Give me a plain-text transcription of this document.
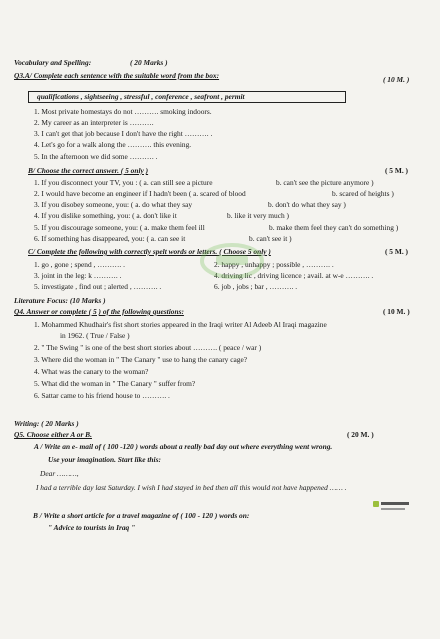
Vocabulary and Spelling:	( 20 Marks )
Q3.A/ Complete each sentence with the suitable word from the box:	( 10 M. )
qualifications , sightseeing , stressful , conference , seafront , permit
1. Most private homestays do not ………. smoking indoors.
2. My career as an interpreter is ……….
3. I can't get that job because I don't have the right ………. .
4. Let's go for a walk along the ………. this evening.
5. In the afternoon we did some ………. .
B/ Choose the correct answer. ( 5 only )	( 5 M. )
1. If you disconnect your TV, you : ( a. can still see a picture	b. can't see the picture anymore )
2. I would have become an engineer if I hadn't been ( a. scared of blood	b. scared of heights )
3. If you disobey someone, you: ( a. do what they say	b. don't do what they say )
4. If you dislike something, you: ( a. don't like it	b. like it very much )
5. If you discourage someone, you: ( a. make them feel ill	b. make them feel they can't do something )
6. If something has disappeared, you: ( a. can see it	b. can't see it )
C/ Complete the following with correctly spelt words or letters. ( Choose 5 only )	( 5 M. )
1. go , gone ; spend , ………. .	2. happy , unhappy ; possible , ………. .
3. joint in the leg: k ………. .	4. driving lic , driving licence ; avail. at w-e ………. .
5. investigate , find out ; alerted , ………. .	6. job , jobs ; bar , ………. .
Literature Focus: (10 Marks )
Q4. Answer or complete ( 5 ) of the following questions:	( 10 M. )
1. Mohammed Khudhair's fist short stories appeared in the Iraqi writer Al Adeeb Al Iraqi magazine
in 1962. ( True / False )
2. " The Swing " is one of the best short stories about ………. ( peace / war )
3. Where did the woman in " The Canary " use to hang the canary cage?
4. What was the canary to the woman?
5. What did the woman in " The Canary " suffer from?
6. Sattar came to his friend house to ………. .
Writing: ( 20 Marks )
Q5. Choose either A or B.	( 20 M. )
A / Write an e- mail of ( 100 -120 ) words about a really bad day out where everything went wrong.
Use your imagination. Start like this:
Dear ………,
I had a terrible day last Saturday. I wish I had stayed in bed then all this would not have happened …… .
B / Write a short article for a travel magazine of ( 100 - 120 ) words on:
" Advice to tourists in Iraq "
